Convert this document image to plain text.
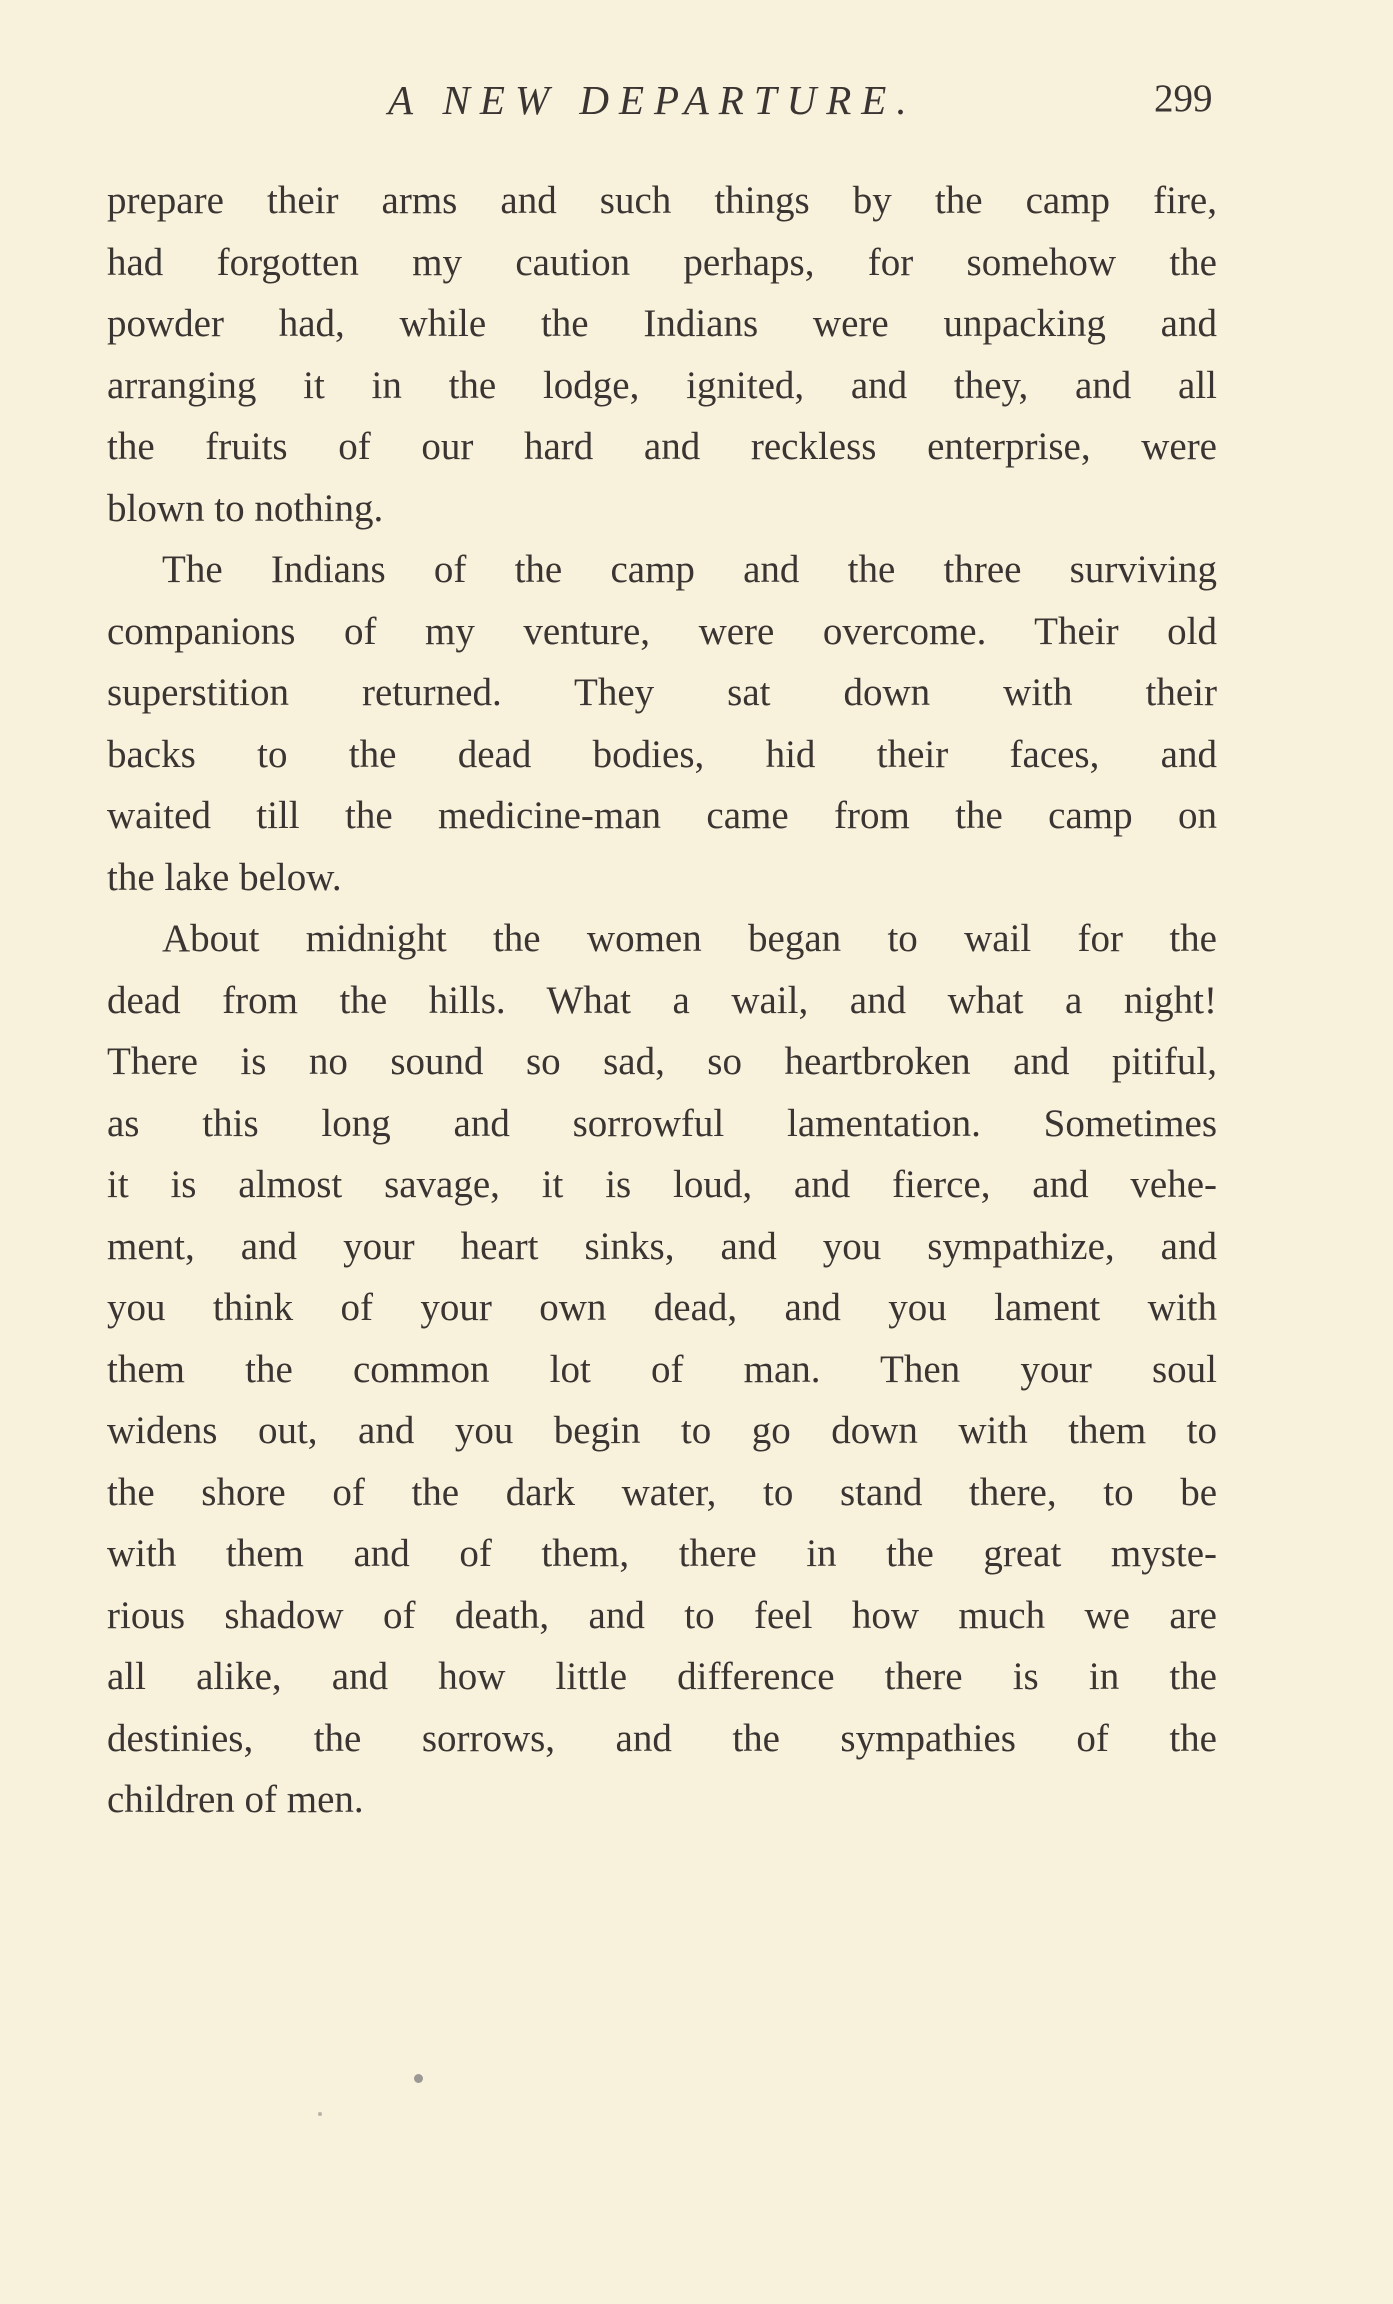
A NEW DEPARTURE.	299
prepare their arms and such things by the camp fire,
had forgotten my caution perhaps, for somehow the
powder had, while the Indians were unpacking and
arranging it in the lodge, ignited, and they, and all
the fruits of our hard and reckless enterprise, were
blown to nothing.
The Indians of the camp and the three surviving
companions of my venture, were overcome. Their old
superstition returned. They sat down with their
backs to the dead bodies, hid their faces, and
waited till the medicine-man came from the camp on
the lake below.
About midnight the women began to wail for the
dead from the hills. What a wail, and what a night!
There is no sound so sad, so heartbroken and pitiful,
as this long and sorrowful lamentation. Sometimes
it is almost savage, it is loud, and fierce, and vehe-
ment, and your heart sinks, and you sympathize, and
you think of your own dead, and you lament with
them the common lot of man. Then your soul
widens out, and you begin to go down with them to
the shore of the dark water, to stand there, to be
with them and of them, there in the great myste-
rious shadow of death, and to feel how much we are
all alike, and how little difference there is in the
destinies, the sorrows, and the sympathies of the
children of men.
